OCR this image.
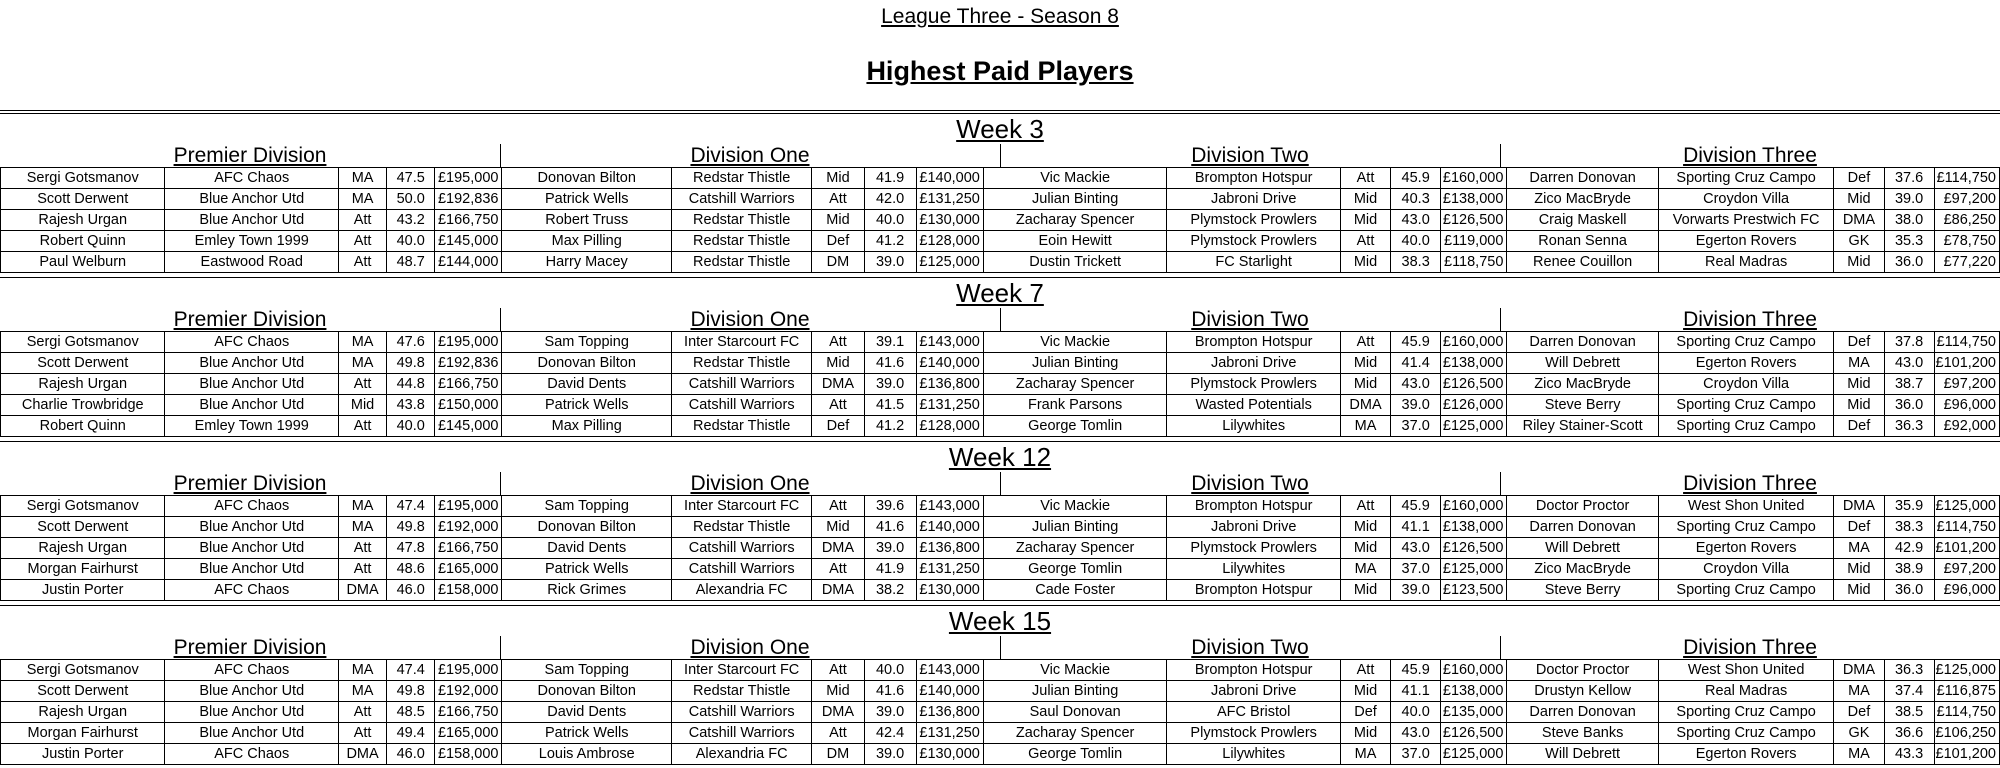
League Three - Season 8
Highest Paid Players
Week 3
Premier Division	Division One	Division Two	Division Three
Sergi Gotsmanov	AFC Chaos	MA	47.5	£195,000	Donovan Bilton	Redstar Thistle	Mid	41.9	£140,000	Vic Mackie	Brompton Hotspur	Att	45.9	£160,000	Darren Donovan	Sporting Cruz Campo	Def	37.6	£114,750
Scott Derwent	Blue Anchor Utd	MA	50.0	£192,836	Patrick Wells	Catshill Warriors	Att	42.0	£131,250	Julian Binting	Jabroni Drive	Mid	40.3	£138,000	Zico MacBryde	Croydon Villa	Mid	39.0	£97,200
Rajesh Urgan	Blue Anchor Utd	Att	43.2	£166,750	Robert Truss	Redstar Thistle	Mid	40.0	£130,000	Zacharay Spencer	Plymstock Prowlers	Mid	43.0	£126,500	Craig Maskell	Vorwarts Prestwich FC	DMA	38.0	£86,250
Robert Quinn	Emley Town 1999	Att	40.0	£145,000	Max Pilling	Redstar Thistle	Def	41.2	£128,000	Eoin Hewitt	Plymstock Prowlers	Att	40.0	£119,000	Ronan Senna	Egerton Rovers	GK	35.3	£78,750
Paul Welburn	Eastwood Road	Att	48.7	£144,000	Harry Macey	Redstar Thistle	DM	39.0	£125,000	Dustin Trickett	FC Starlight	Mid	38.3	£118,750	Renee Couillon	Real Madras	Mid	36.0	£77,220
Week 7
Premier Division	Division One	Division Two	Division Three
Sergi Gotsmanov	AFC Chaos	MA	47.6	£195,000	Sam Topping	Inter Starcourt FC	Att	39.1	£143,000	Vic Mackie	Brompton Hotspur	Att	45.9	£160,000	Darren Donovan	Sporting Cruz Campo	Def	37.8	£114,750
Scott Derwent	Blue Anchor Utd	MA	49.8	£192,836	Donovan Bilton	Redstar Thistle	Mid	41.6	£140,000	Julian Binting	Jabroni Drive	Mid	41.4	£138,000	Will Debrett	Egerton Rovers	MA	43.0	£101,200
Rajesh Urgan	Blue Anchor Utd	Att	44.8	£166,750	David Dents	Catshill Warriors	DMA	39.0	£136,800	Zacharay Spencer	Plymstock Prowlers	Mid	43.0	£126,500	Zico MacBryde	Croydon Villa	Mid	38.7	£97,200
Charlie Trowbridge	Blue Anchor Utd	Mid	43.8	£150,000	Patrick Wells	Catshill Warriors	Att	41.5	£131,250	Frank Parsons	Wasted Potentials	DMA	39.0	£126,000	Steve Berry	Sporting Cruz Campo	Mid	36.0	£96,000
Robert Quinn	Emley Town 1999	Att	40.0	£145,000	Max Pilling	Redstar Thistle	Def	41.2	£128,000	George Tomlin	Lilywhites	MA	37.0	£125,000	Riley Stainer-Scott	Sporting Cruz Campo	Def	36.3	£92,000
Week 12
Premier Division	Division One	Division Two	Division Three
Sergi Gotsmanov	AFC Chaos	MA	47.4	£195,000	Sam Topping	Inter Starcourt FC	Att	39.6	£143,000	Vic Mackie	Brompton Hotspur	Att	45.9	£160,000	Doctor Proctor	West Shon United	DMA	35.9	£125,000
Scott Derwent	Blue Anchor Utd	MA	49.8	£192,000	Donovan Bilton	Redstar Thistle	Mid	41.6	£140,000	Julian Binting	Jabroni Drive	Mid	41.1	£138,000	Darren Donovan	Sporting Cruz Campo	Def	38.3	£114,750
Rajesh Urgan	Blue Anchor Utd	Att	47.8	£166,750	David Dents	Catshill Warriors	DMA	39.0	£136,800	Zacharay Spencer	Plymstock Prowlers	Mid	43.0	£126,500	Will Debrett	Egerton Rovers	MA	42.9	£101,200
Morgan Fairhurst	Blue Anchor Utd	Att	48.6	£165,000	Patrick Wells	Catshill Warriors	Att	41.9	£131,250	George Tomlin	Lilywhites	MA	37.0	£125,000	Zico MacBryde	Croydon Villa	Mid	38.9	£97,200
Justin Porter	AFC Chaos	DMA	46.0	£158,000	Rick Grimes	Alexandria FC	DMA	38.2	£130,000	Cade Foster	Brompton Hotspur	Mid	39.0	£123,500	Steve Berry	Sporting Cruz Campo	Mid	36.0	£96,000
Week 15
Premier Division	Division One	Division Two	Division Three
Sergi Gotsmanov	AFC Chaos	MA	47.4	£195,000	Sam Topping	Inter Starcourt FC	Att	40.0	£143,000	Vic Mackie	Brompton Hotspur	Att	45.9	£160,000	Doctor Proctor	West Shon United	DMA	36.3	£125,000
Scott Derwent	Blue Anchor Utd	MA	49.8	£192,000	Donovan Bilton	Redstar Thistle	Mid	41.6	£140,000	Julian Binting	Jabroni Drive	Mid	41.1	£138,000	Drustyn Kellow	Real Madras	MA	37.4	£116,875
Rajesh Urgan	Blue Anchor Utd	Att	48.5	£166,750	David Dents	Catshill Warriors	DMA	39.0	£136,800	Saul Donovan	AFC Bristol	Def	40.0	£135,000	Darren Donovan	Sporting Cruz Campo	Def	38.5	£114,750
Morgan Fairhurst	Blue Anchor Utd	Att	49.4	£165,000	Patrick Wells	Catshill Warriors	Att	42.4	£131,250	Zacharay Spencer	Plymstock Prowlers	Mid	43.0	£126,500	Steve Banks	Sporting Cruz Campo	GK	36.6	£106,250
Justin Porter	AFC Chaos	DMA	46.0	£158,000	Louis Ambrose	Alexandria FC	DM	39.0	£130,000	George Tomlin	Lilywhites	MA	37.0	£125,000	Will Debrett	Egerton Rovers	MA	43.3	£101,200
